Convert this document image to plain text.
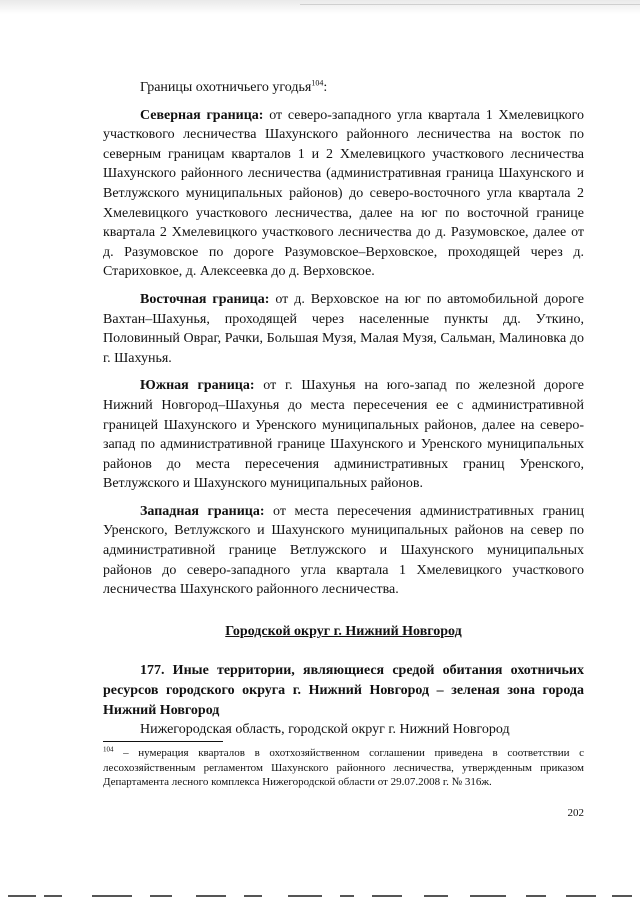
Границы охотничьего угодья$^{104}$:

Северная граница: от северо-западного угла квартала 1 Хмелевицкого участкового лесничества Шахунского районного лесничества на восток по северным границам кварталов 1 и 2 Хмелевицкого участкового лесничества Шахунского районного лесничества (административная граница Шахунского и Ветлужского муниципальных районов) до северо-восточного угла квартала 2 Хмелевицкого участкового лесничества, далее на юг по восточной границе квартала 2 Хмелевицкого участкового лесничества до д. Разумовское, далее от д. Разумовское по дороге Разумовское–Верховское, проходящей через д. Стариховкое, д. Алексеевка до д. Верховское.

Восточная граница: от д. Верховское на юг по автомобильной дороге Вахтан–Шахунья, проходящей через населенные пункты дд. Уткино, Половинный Овраг, Рачки, Большая Музя, Малая Музя, Сальман, Малиновка до г. Шахунья.

Южная граница: от г. Шахунья на юго-запад по железной дороге Нижний Новгород–Шахунья до места пересечения ее с административной границей Шахунского и Уренского муниципальных районов, далее на северо-запад по административной границе Шахунского и Уренского муниципальных районов до места пересечения административных границ Уренского, Ветлужского и Шахунского муниципальных районов.

Западная граница: от места пересечения административных границ Уренского, Ветлужского и Шахунского муниципальных районов на север по административной границе Ветлужского и Шахунского муниципальных районов до северо-западного угла квартала 1 Хмелевицкого участкового лесничества Шахунского районного лесничества.

Городской округ г. Нижний Новгород

177. Иные территории, являющиеся средой обитания охотничьих ресурсов городского округа г. Нижний Новгород – зеленая зона города Нижний Новгород

Нижегородская область, городской округ г. Нижний Новгород

$^{104}$ – нумерация кварталов в охотхозяйственном соглашении приведена в соответствии с лесохозяйственным регламентом Шахунского районного лесничества, утвержденным приказом Департамента лесного комплекса Нижегородской области от 29.07.2008 г. № 316ж.
202
